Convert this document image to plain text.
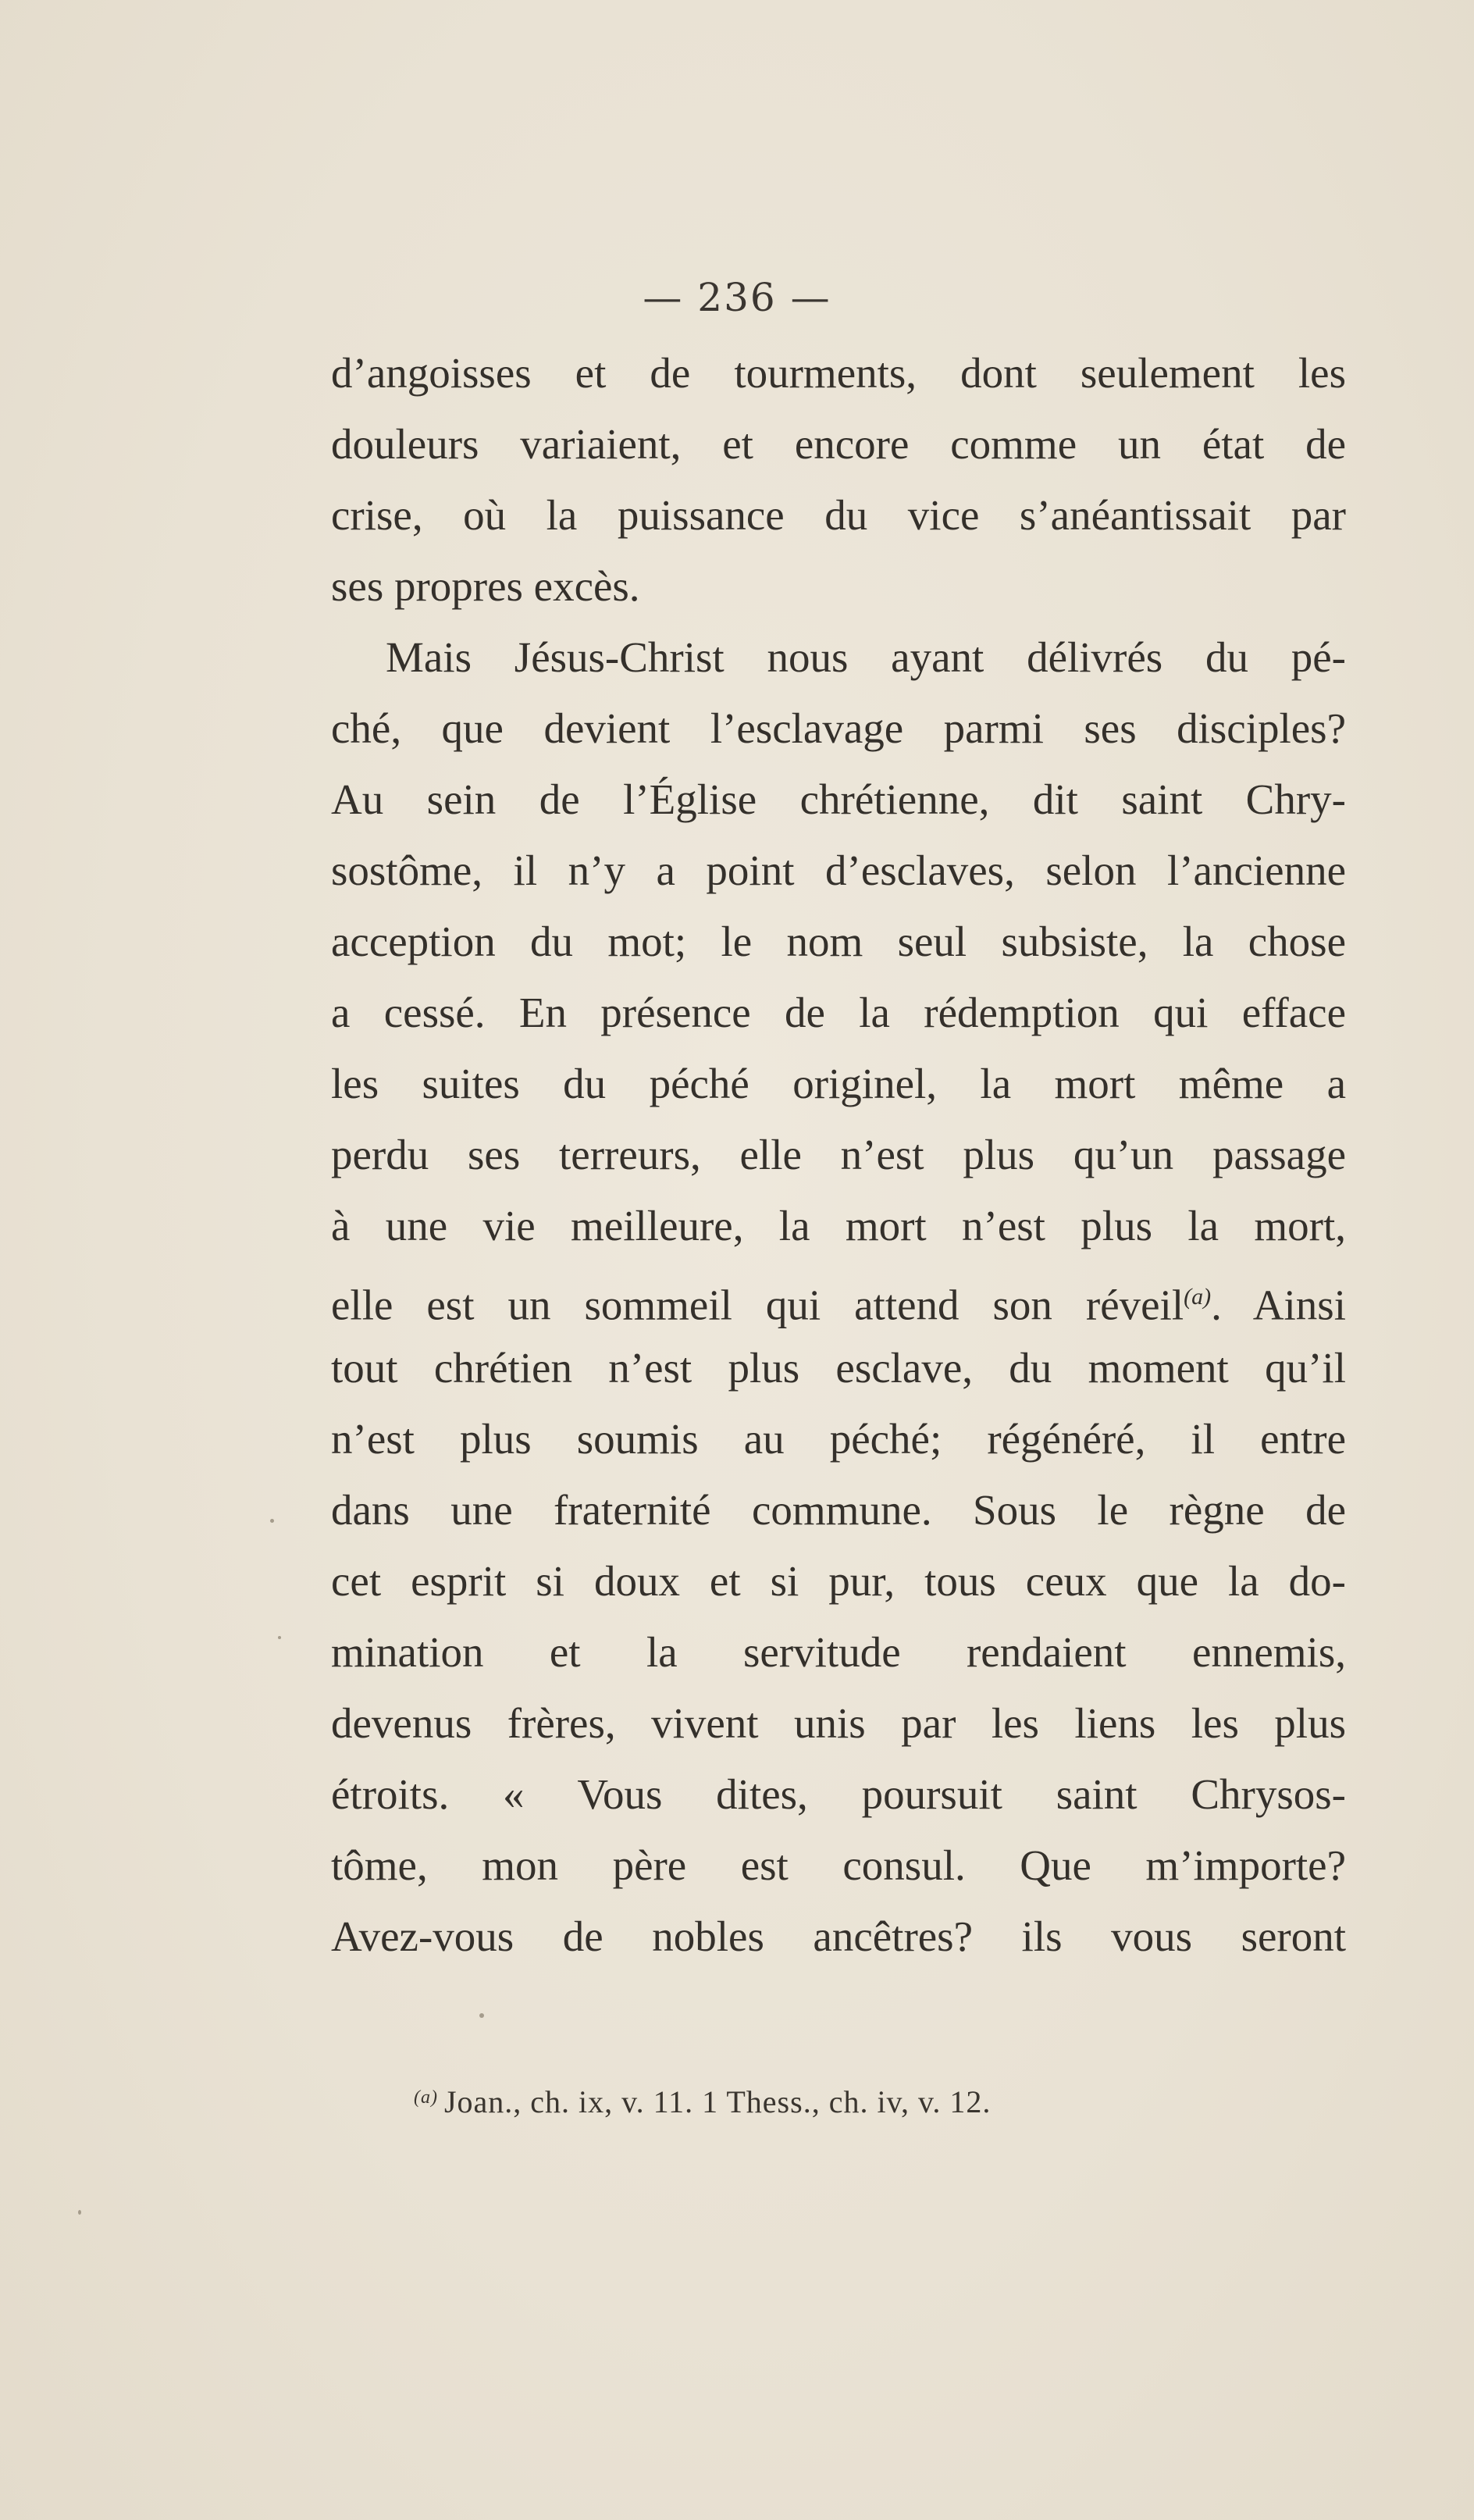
— 236 —
d’angoisses et de tourments, dont seulement les
douleurs variaient, et encore comme un état de
crise, où la puissance du vice s’anéantissait par
ses propres excès.
Mais Jésus-Christ nous ayant délivrés du pé-
ché, que devient l’esclavage parmi ses disciples?
Au sein de l’Église chrétienne, dit saint Chry-
sostôme, il n’y a point d’esclaves, selon l’ancienne
acception du mot; le nom seul subsiste, la chose
a cessé. En présence de la rédemption qui efface
les suites du péché originel, la mort même a
perdu ses terreurs, elle n’est plus qu’un passage
à une vie meilleure, la mort n’est plus la mort,
elle est un sommeil qui attend son réveil$^{(a)}$. Ainsi
tout chrétien n’est plus esclave, du moment qu’il
n’est plus soumis au péché; régénéré, il entre
dans une fraternité commune. Sous le règne de
cet esprit si doux et si pur, tous ceux que la do-
mination et la servitude rendaient ennemis,
devenus frères, vivent unis par les liens les plus
étroits. « Vous dites, poursuit saint Chrysos-
tôme, mon père est consul. Que m’importe?
Avez-vous de nobles ancêtres? ils vous seront
$^{(a)}$ Joan., ch. ix, v. 11. 1 Thess., ch. iv, v. 12.
